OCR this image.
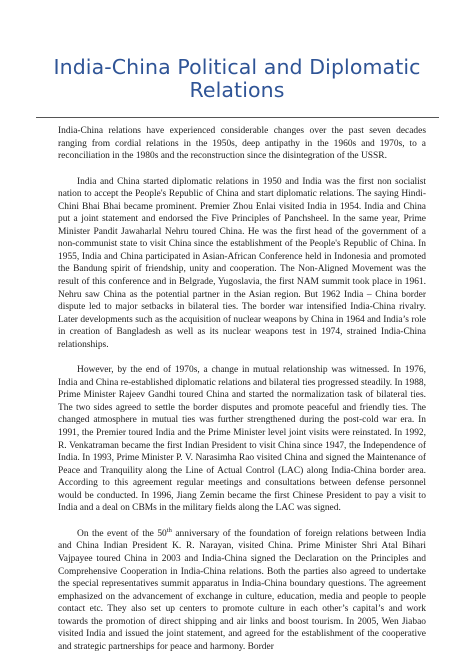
India-China Political and Diplomatic Relations

India-China relations have experienced considerable changes over the past seven decades ranging from cordial relations in the 1950s, deep antipathy in the 1960s and 1970s, to a reconciliation in the 1980s and the reconstruction since the disintegration of the USSR.

India and China started diplomatic relations in 1950 and India was the first non socialist nation to accept the People's Republic of China and start diplomatic relations. The saying Hindi-Chini Bhai Bhai became prominent. Premier Zhou Enlai visited India in 1954. India and China put a joint statement and endorsed the Five Principles of Panchsheel. In the same year, Prime Minister Pandit Jawaharlal Nehru toured China. He was the first head of the government of a non-communist state to visit China since the establishment of the People's Republic of China. In 1955, India and China participated in Asian-African Conference held in Indonesia and promoted the Bandung spirit of friendship, unity and cooperation. The Non-Aligned Movement was the result of this conference and in Belgrade, Yugoslavia, the first NAM summit took place in 1961. Nehru saw China as the potential partner in the Asian region. But 1962 India – China border dispute led to major setbacks in bilateral ties. The border war intensified India-China rivalry. Later developments such as the acquisition of nuclear weapons by China in 1964 and India’s role in creation of Bangladesh as well as its nuclear weapons test in 1974, strained India-China relationships.

However, by the end of 1970s, a change in mutual relationship was witnessed. In 1976, India and China re-established diplomatic relations and bilateral ties progressed steadily. In 1988, Prime Minister Rajeev Gandhi toured China and started the normalization task of bilateral ties. The two sides agreed to settle the border disputes and promote peaceful and friendly ties. The changed atmosphere in mutual ties was further strengthened during the post-cold war era. In 1991, the Premier toured India and the Prime Minister level joint visits were reinstated. In 1992, R. Venkatraman became the first Indian President to visit China since 1947, the Independence of India. In 1993, Prime Minister P. V. Narasimha Rao visited China and signed the Maintenance of Peace and Tranquility along the Line of Actual Control (LAC) along India-China border area. According to this agreement regular meetings and consultations between defense personnel would be conducted. In 1996, Jiang Zemin became the first Chinese President to pay a visit to India and a deal on CBMs in the military fields along the LAC was signed.

On the event of the 50th anniversary of the foundation of foreign relations between India and China Indian President K. R. Narayan, visited China. Prime Minister Shri Atal Bihari Vajpayee toured China in 2003 and India-China signed the Declaration on the Principles and Comprehensive Cooperation in India-China relations. Both the parties also agreed to undertake the special representatives summit apparatus in India-China boundary questions. The agreement emphasized on the advancement of exchange in culture, education, media and people to people contact etc. They also set up centers to promote culture in each other’s capital’s and work towards the promotion of direct shipping and air links and boost tourism. In 2005, Wen Jiabao visited India and issued the joint statement, and agreed for the establishment of the cooperative and strategic partnerships for peace and harmony. Border
